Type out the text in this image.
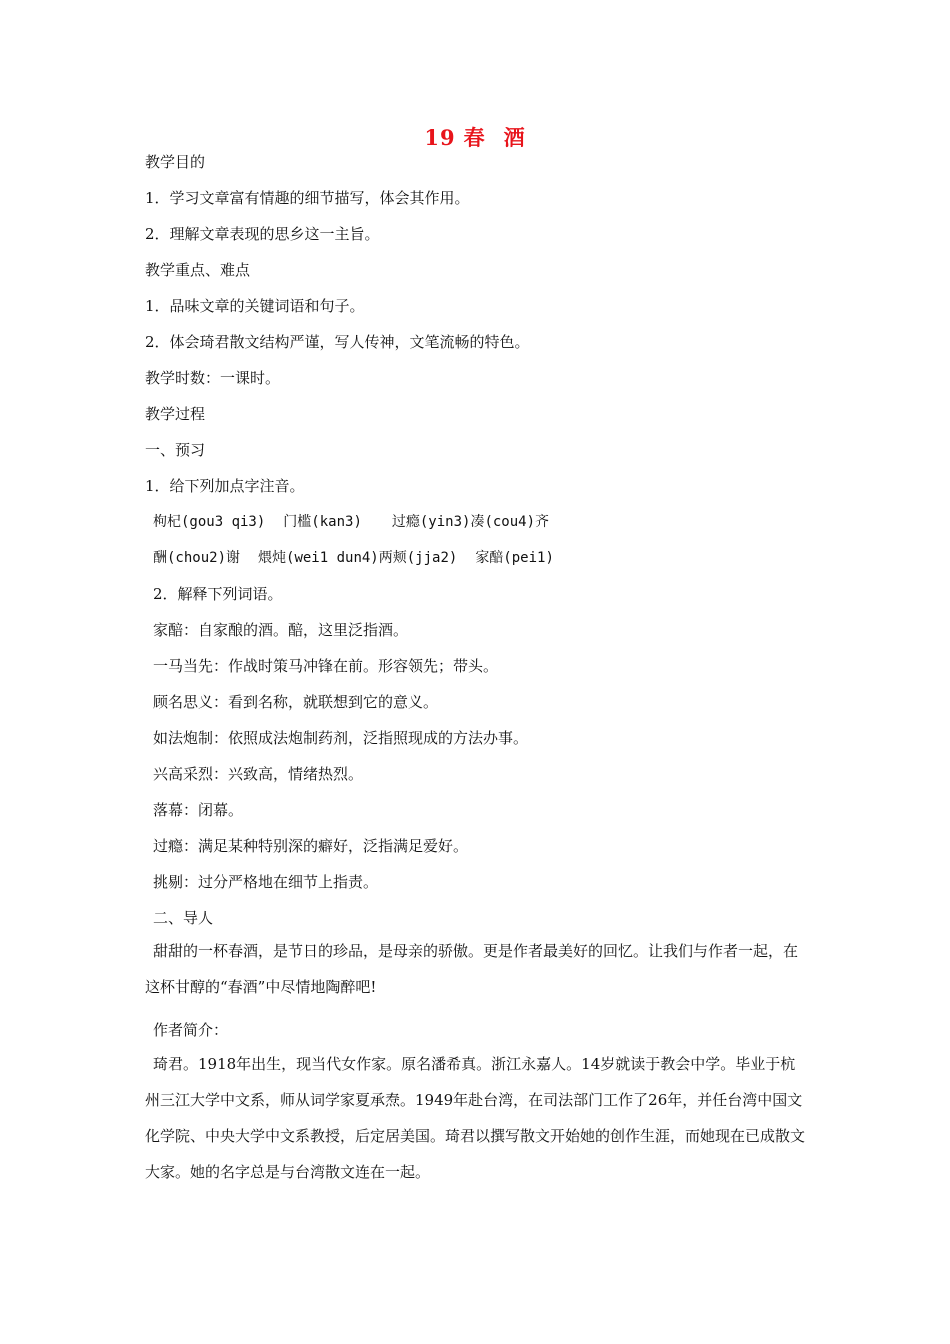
19 春 酒
教学目的
1．学习文章富有情趣的细节描写，体会其作用。
2．理解文章表现的思乡这一主旨。
教学重点、难点
1．品味文章的关键词语和句子。
2．体会琦君散文结构严谨，写人传神，文笔流畅的特色。
教学时数：一课时。
教学过程
一、预习
1．给下列加点字注音。
枸杞(gou3 qi3) 门槛(kan3) 过瘾(yin3)凑(cou4)齐
酬(chou2)谢 煨炖(wei1 dun4)两颊(jja2) 家醅(pei1)
2．解释下列词语。
家醅：自家酿的酒。醅，这里泛指酒。
一马当先：作战时策马冲锋在前。形容领先；带头。
顾名思义：看到名称，就联想到它的意义。
如法炮制：依照成法炮制药剂，泛指照现成的方法办事。
兴高采烈：兴致高，情绪热烈。
落幕：闭幕。
过瘾：满足某种特别深的癖好，泛指满足爱好。
挑剔：过分严格地在细节上指责。
二、导人
甜甜的一杯春酒，是节日的珍品，是母亲的骄傲。更是作者最美好的回忆。让我们与作者一起，在这杯甘醇的“春酒”中尽情地陶醉吧!
作者简介：
琦君。1918年出生，现当代女作家。原名潘希真。浙江永嘉人。14岁就读于教会中学。毕业于杭州三江大学中文系，师从词学家夏承焘。1949年赴台湾，在司法部门工作了26年，并任台湾中国文化学院、中央大学中文系教授，后定居美国。琦君以撰写散文开始她的创作生涯，而她现在已成散文大家。她的名字总是与台湾散文连在一起。
